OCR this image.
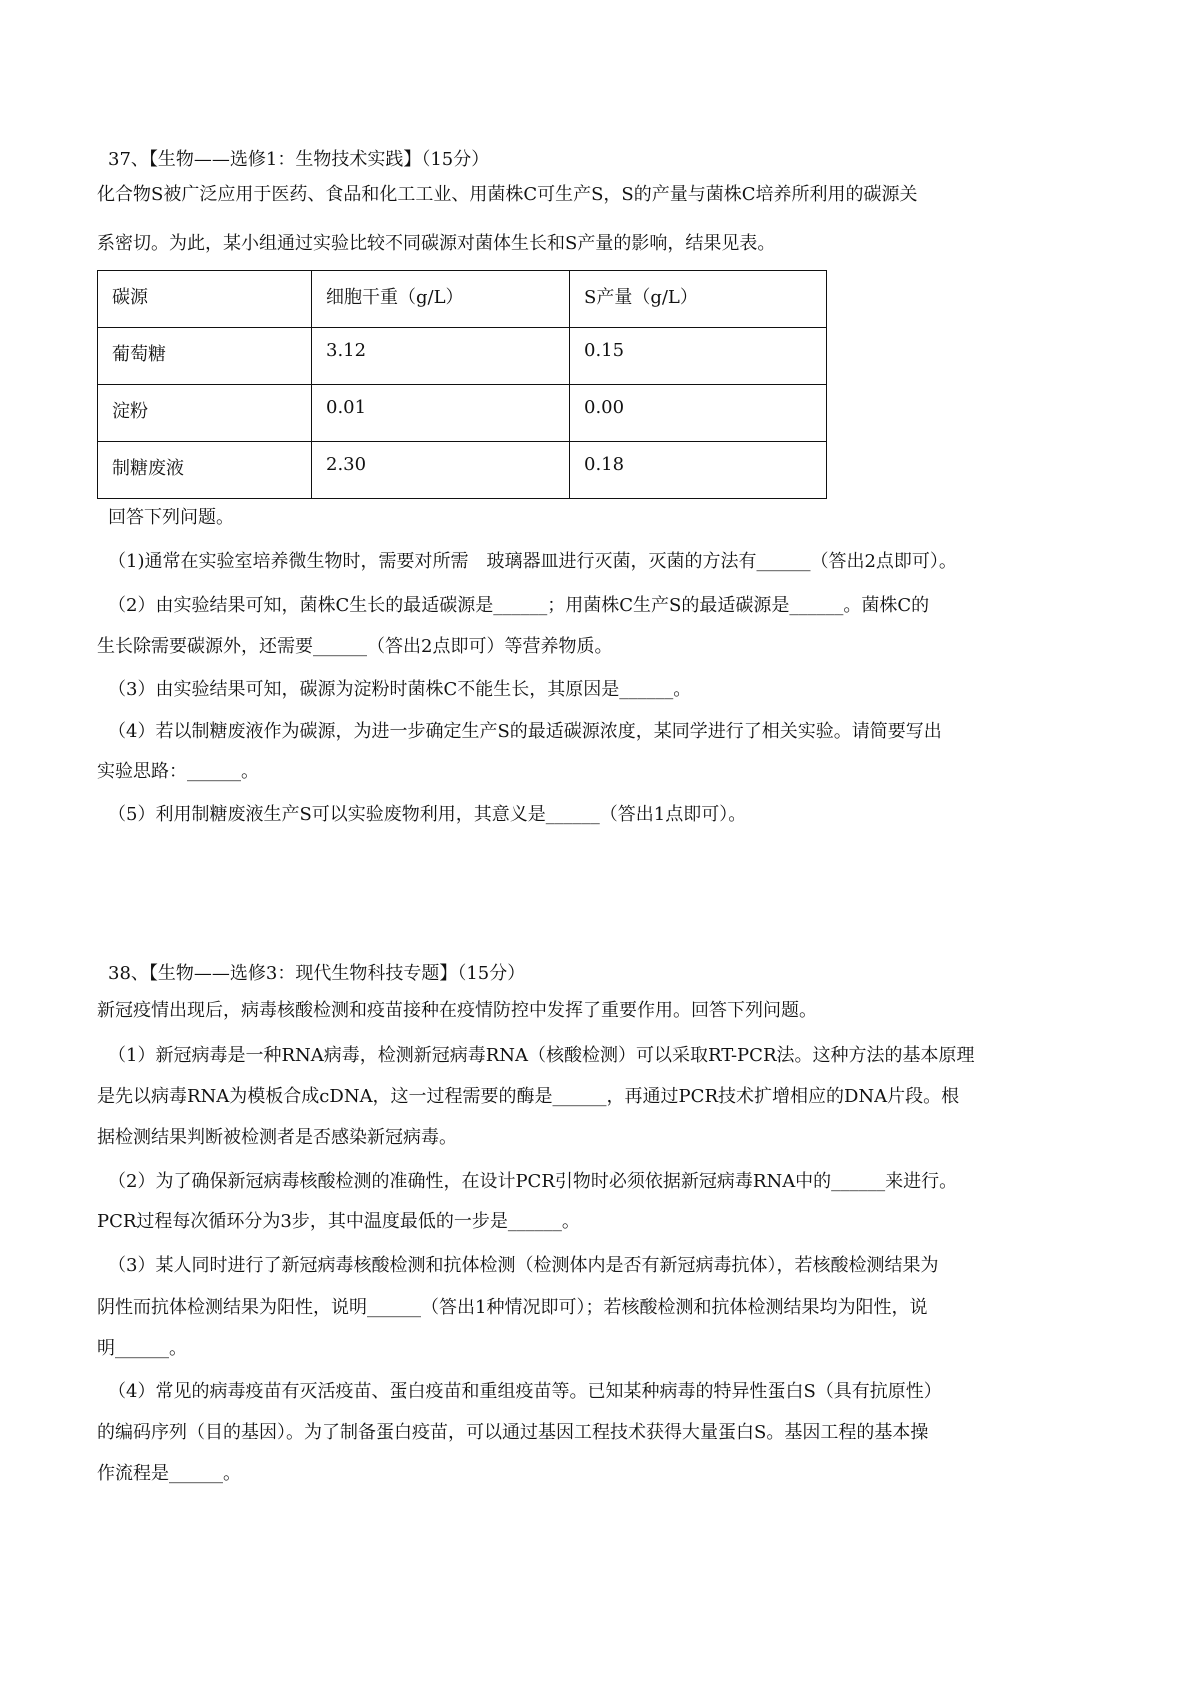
37、【生物——选修1：生物技术实践】（15分）
化合物S被广泛应用于医药、食品和化工工业、用菌株C可生产S，S的产量与菌株C培养所利用的碳源关
系密切。为此，某小组通过实验比较不同碳源对菌体生长和S产量的影响，结果见表。
碳源	细胞干重（g/L）	S产量（g/L）
葡萄糖	3.12	0.15
淀粉	0.01	0.00
制糖废液	2.30	0.18
回答下列问题。
（1)通常在实验室培养微生物时，需要对所需　玻璃器皿进行灭菌，灭菌的方法有______（答出2点即可）。
（2）由实验结果可知，菌株C生长的最适碳源是______；用菌株C生产S的最适碳源是______。菌株C的
生长除需要碳源外，还需要______（答出2点即可）等营养物质。
（3）由实验结果可知，碳源为淀粉时菌株C不能生长，其原因是______。
（4）若以制糖废液作为碳源，为进一步确定生产S的最适碳源浓度，某同学进行了相关实验。请简要写出
实验思路：______。
（5）利用制糖废液生产S可以实验废物利用，其意义是______（答出1点即可）。
38、【生物——选修3：现代生物科技专题】（15分）
新冠疫情出现后，病毒核酸检测和疫苗接种在疫情防控中发挥了重要作用。回答下列问题。
（1）新冠病毒是一种RNA病毒，检测新冠病毒RNA（核酸检测）可以采取RT-PCR法。这种方法的基本原理
是先以病毒RNA为模板合成cDNA，这一过程需要的酶是______，再通过PCR技术扩增相应的DNA片段。根
据检测结果判断被检测者是否感染新冠病毒。
（2）为了确保新冠病毒核酸检测的准确性，在设计PCR引物时必须依据新冠病毒RNA中的______来进行。
PCR过程每次循环分为3步，其中温度最低的一步是______。
（3）某人同时进行了新冠病毒核酸检测和抗体检测（检测体内是否有新冠病毒抗体），若核酸检测结果为
阴性而抗体检测结果为阳性，说明______（答出1种情况即可）；若核酸检测和抗体检测结果均为阳性，说
明______。
（4）常见的病毒疫苗有灭活疫苗、蛋白疫苗和重组疫苗等。已知某种病毒的特异性蛋白S（具有抗原性）
的编码序列（目的基因）。为了制备蛋白疫苗，可以通过基因工程技术获得大量蛋白S。基因工程的基本操
作流程是______。
